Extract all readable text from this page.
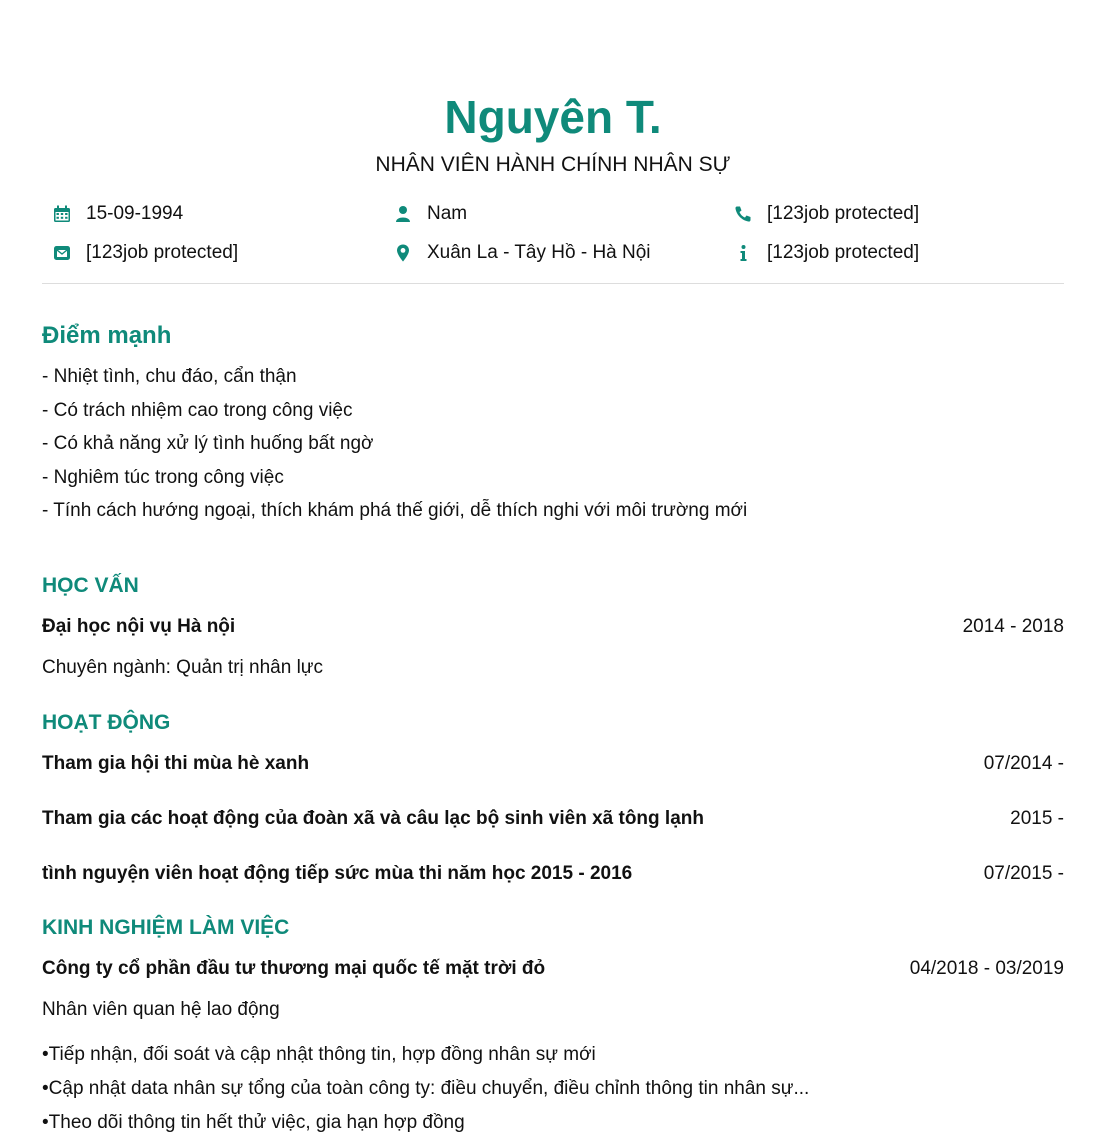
Nguyên T.
NHÂN VIÊN HÀNH CHÍNH NHÂN SỰ
15-09-1994	Nam	[123job protected]
[123job protected]	Xuân La - Tây Hồ - Hà Nội	[123job protected]
Điểm mạnh
- Nhiệt tình, chu đáo, cẩn thận
- Có trách nhiệm cao trong công việc
- Có khả năng xử lý tình huống bất ngờ
- Nghiêm túc trong công việc
- Tính cách hướng ngoại, thích khám phá thế giới, dễ thích nghi với môi trường mới
HỌC VẤN
Đại học nội vụ Hà nội	2014 - 2018
Chuyên ngành: Quản trị nhân lực
HOẠT ĐỘNG
Tham gia hội thi mùa hè xanh	07/2014 -
Tham gia các hoạt động của đoàn xã và câu lạc bộ sinh viên xã tông lạnh	2015 -
tình nguyện viên hoạt động tiếp sức mùa thi năm học 2015 - 2016	07/2015 -
KINH NGHIỆM LÀM VIỆC
Công ty cổ phần đầu tư thương mại quốc tế mặt trời đỏ	04/2018 - 03/2019
Nhân viên quan hệ lao động
•Tiếp nhận, đối soát và cập nhật thông tin, hợp đồng nhân sự mới
•Cập nhật data nhân sự tổng của toàn công ty: điều chuyển, điều chỉnh thông tin nhân sự...
•Theo dõi thông tin hết thử việc, gia hạn hợp đồng
